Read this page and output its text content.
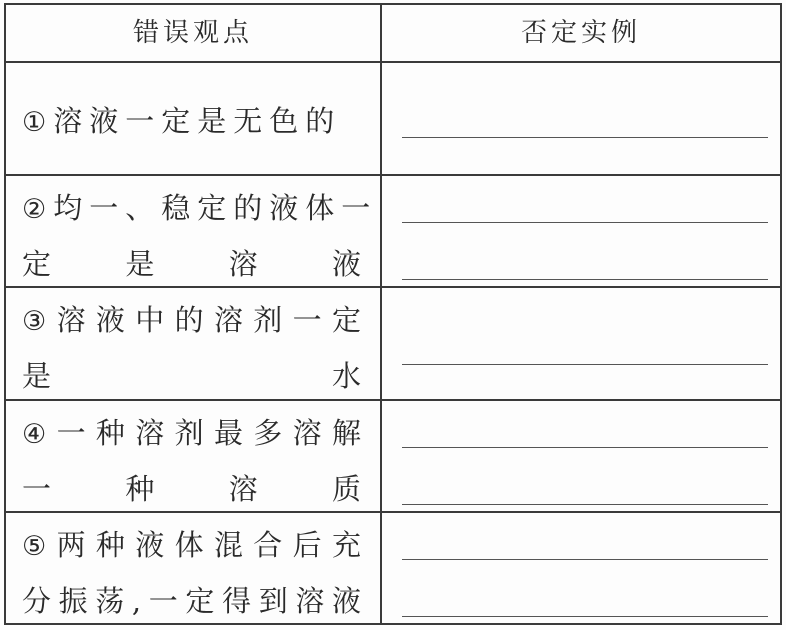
错误观点	否定实例
①溶液一定是无色的
②均一、稳定的液体一
定是溶液
③溶液中的溶剂一定
是水
④一种溶剂最多溶解
一种溶质
⑤两种液体混合后充
分振荡,一定得到溶液
